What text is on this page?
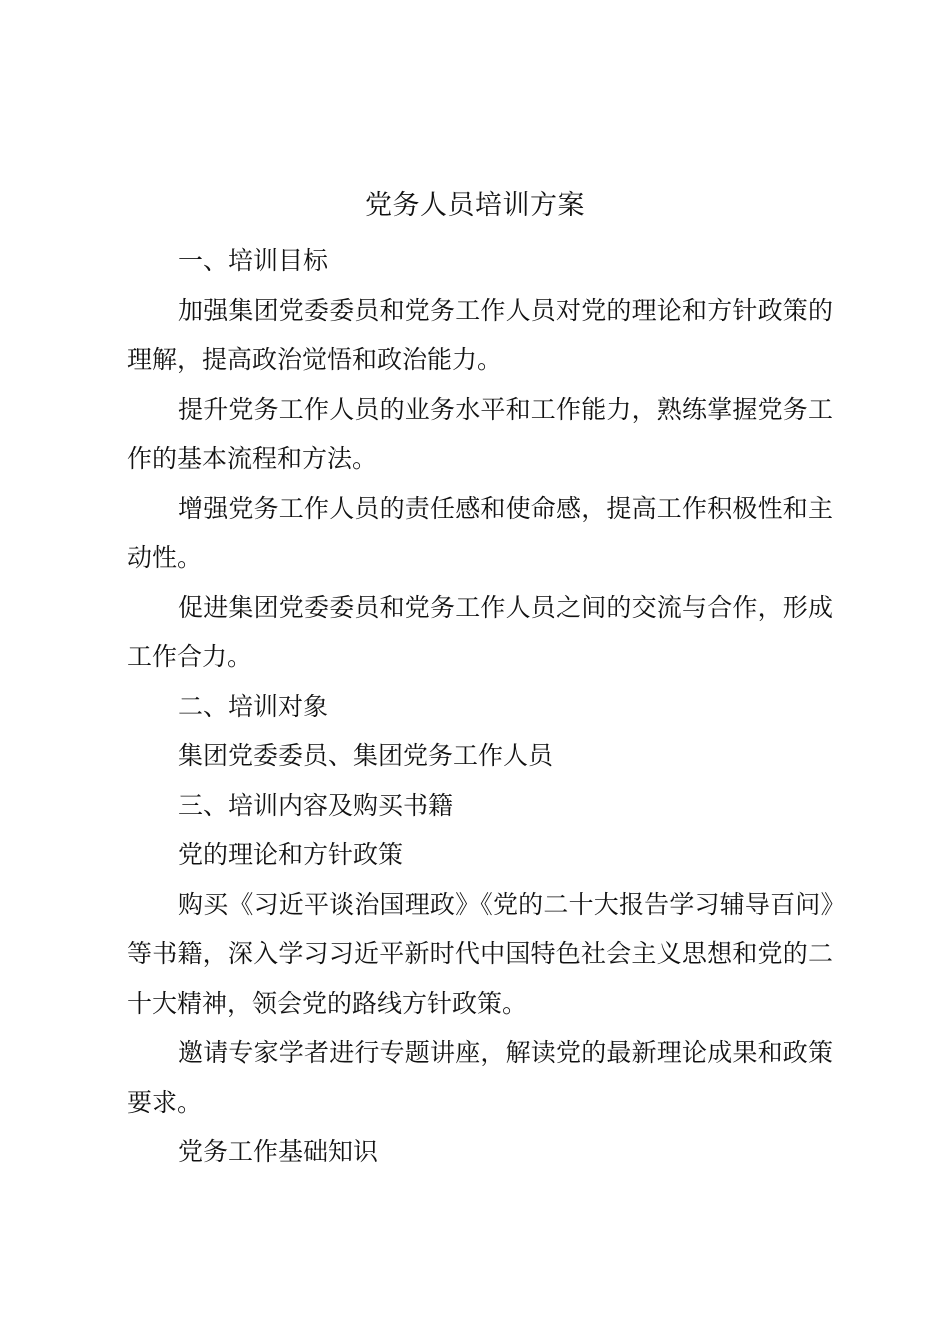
党务人员培训方案

一、培训目标

加强集团党委委员和党务工作人员对党的理论和方针政策的理解，提高政治觉悟和政治能力。

提升党务工作人员的业务水平和工作能力，熟练掌握党务工作的基本流程和方法。

增强党务工作人员的责任感和使命感，提高工作积极性和主动性。

促进集团党委委员和党务工作人员之间的交流与合作，形成工作合力。

二、培训对象

集团党委委员、集团党务工作人员

三、培训内容及购买书籍

党的理论和方针政策

购买《习近平谈治国理政》《党的二十大报告学习辅导百问》等书籍，深入学习习近平新时代中国特色社会主义思想和党的二十大精神，领会党的路线方针政策。

邀请专家学者进行专题讲座，解读党的最新理论成果和政策要求。

党务工作基础知识
